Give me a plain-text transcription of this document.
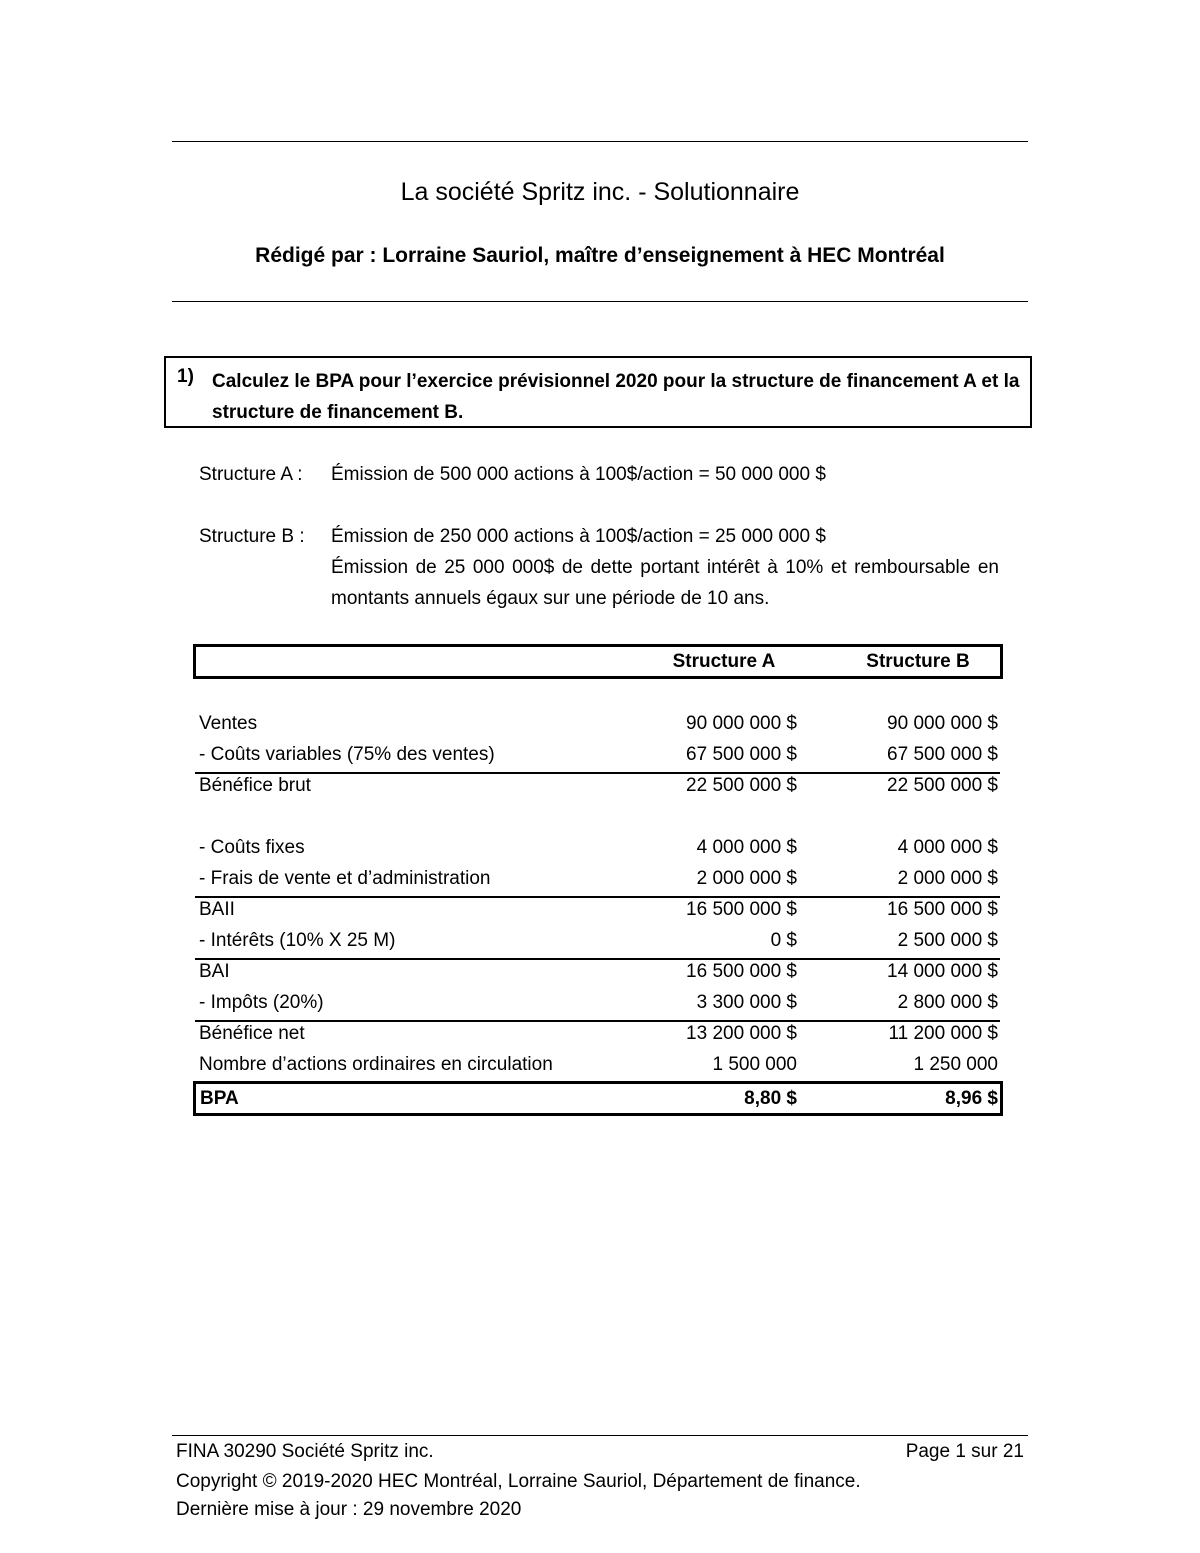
La société Spritz inc. - Solutionnaire
Rédigé par : Lorraine Sauriol, maître d’enseignement à HEC Montréal
1) Calculez le BPA pour l’exercice prévisionnel 2020 pour la structure de financement A et la structure de financement B.
Structure A : Émission de 500 000 actions à 100$/action = 50 000 000 $
Structure B : Émission de 250 000 actions à 100$/action = 25 000 000 $
Émission de 25 000 000$ de dette portant intérêt à 10% et remboursable en montants annuels égaux sur une période de 10 ans.
Structure A	Structure B
Ventes	90 000 000 $	90 000 000 $
- Coûts variables (75% des ventes)	67 500 000 $	67 500 000 $
Bénéfice brut	22 500 000 $	22 500 000 $
- Coûts fixes	4 000 000 $	4 000 000 $
- Frais de vente et d’administration	2 000 000 $	2 000 000 $
BAII	16 500 000 $	16 500 000 $
- Intérêts (10% X 25 M)	0 $	2 500 000 $
BAI	16 500 000 $	14 000 000 $
- Impôts (20%)	3 300 000 $	2 800 000 $
Bénéfice net	13 200 000 $	11 200 000 $
Nombre d’actions ordinaires en circulation	1 500 000	1 250 000
BPA	8,80 $	8,96 $
FINA 30290 Société Spritz inc.	Page 1 sur 21
Copyright © 2019-2020 HEC Montréal, Lorraine Sauriol, Département de finance.
Dernière mise à jour : 29 novembre 2020
